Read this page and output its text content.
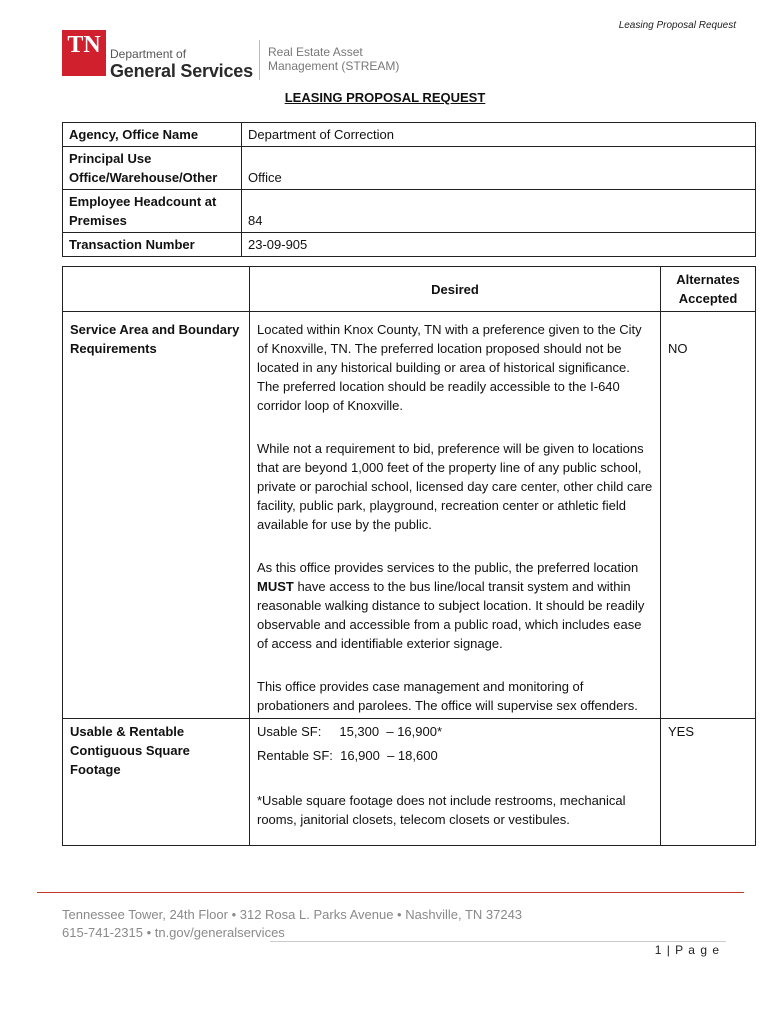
Leasing Proposal Request
TN Department of
General Services
Real Estate Asset
Management (STREAM)
LEASING PROPOSAL REQUEST
Agency, Office Name	Department of Correction
Principal Use Office/Warehouse/Other	Office
Employee Headcount at Premises	84
Transaction Number	23-09-905
	Desired	Alternates Accepted
Service Area and Boundary Requirements	Located within Knox County, TN with a preference given to the City of Knoxville, TN. The preferred location proposed should not be located in any historical building or area of historical significance. The preferred location should be readily accessible to the I-640 corridor loop of Knoxville.

While not a requirement to bid, preference will be given to locations that are beyond 1,000 feet of the property line of any public school, private or parochial school, licensed day care center, other child care facility, public park, playground, recreation center or athletic field available for use by the public.

As this office provides services to the public, the preferred location MUST have access to the bus line/local transit system and within reasonable walking distance to subject location. It should be readily observable and accessible from a public road, which includes ease of access and identifiable exterior signage.

This office provides case management and monitoring of probationers and parolees. The office will supervise sex offenders.	NO
Usable & Rentable Contiguous Square Footage	Usable SF:     15,300  – 16,900*
Rentable SF:  16,900  – 18,600
*Usable square footage does not include restrooms, mechanical rooms, janitorial closets, telecom closets or vestibules.	YES
Tennessee Tower, 24th Floor • 312 Rosa L. Parks Avenue • Nashville, TN 37243
615-741-2315 • tn.gov/generalservices
1 | P a g e
